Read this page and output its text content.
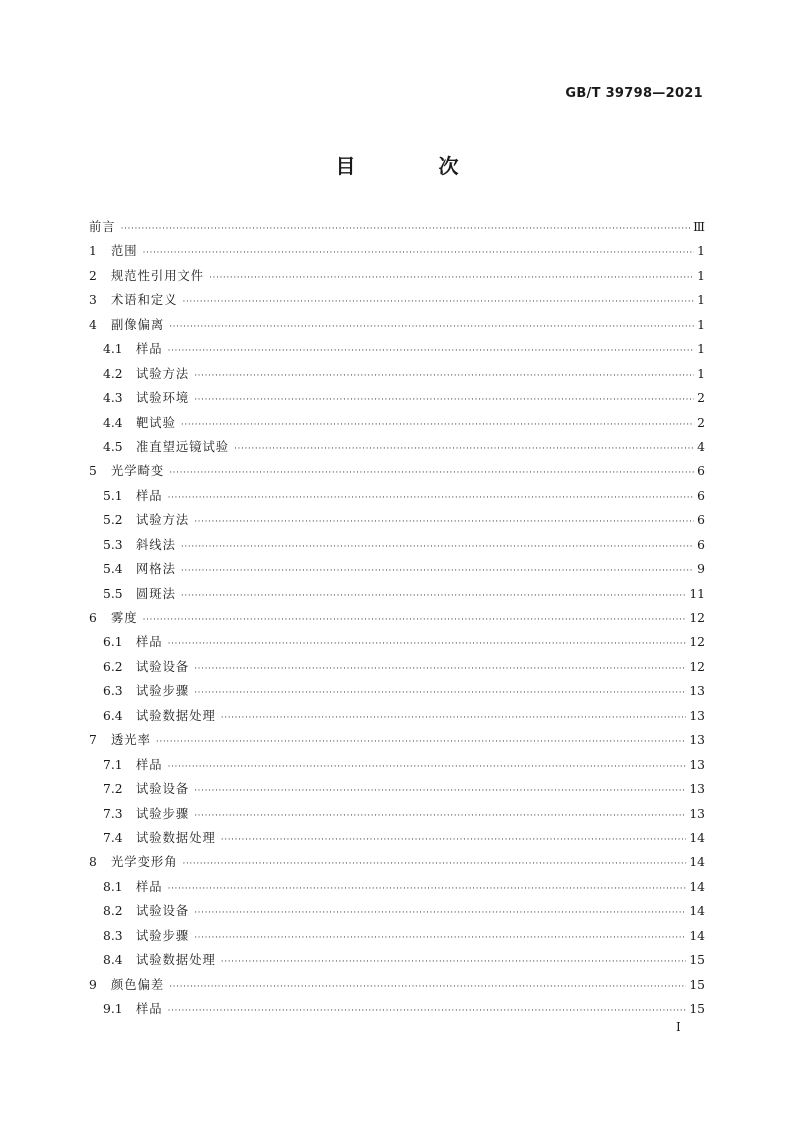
GB/T 39798—2021
目 次
前言 ·····	Ⅲ
1	范围 ·····	1
2	规范性引用文件 ·····	1
3	术语和定义 ·····	1
4	副像偏离 ·····	1
4.1	样品 ·····	1
4.2	试验方法 ·····	1
4.3	试验环境 ·····	2
4.4	靶试验 ·····	2
4.5	准直望远镜试验 ·····	4
5	光学畸变 ·····	6
5.1	样品 ·····	6
5.2	试验方法 ·····	6
5.3	斜线法 ·····	6
5.4	网格法 ·····	9
5.5	圆斑法 ·····	11
6	雾度 ·····	12
6.1	样品 ·····	12
6.2	试验设备 ·····	12
6.3	试验步骤 ·····	13
6.4	试验数据处理 ·····	13
7	透光率 ·····	13
7.1	样品 ·····	13
7.2	试验设备 ·····	13
7.3	试验步骤 ·····	13
7.4	试验数据处理 ·····	14
8	光学变形角 ·····	14
8.1	样品 ·····	14
8.2	试验设备 ·····	14
8.3	试验步骤 ·····	14
8.4	试验数据处理 ·····	15
9	颜色偏差 ·····	15
9.1	样品 ·····	15
I
